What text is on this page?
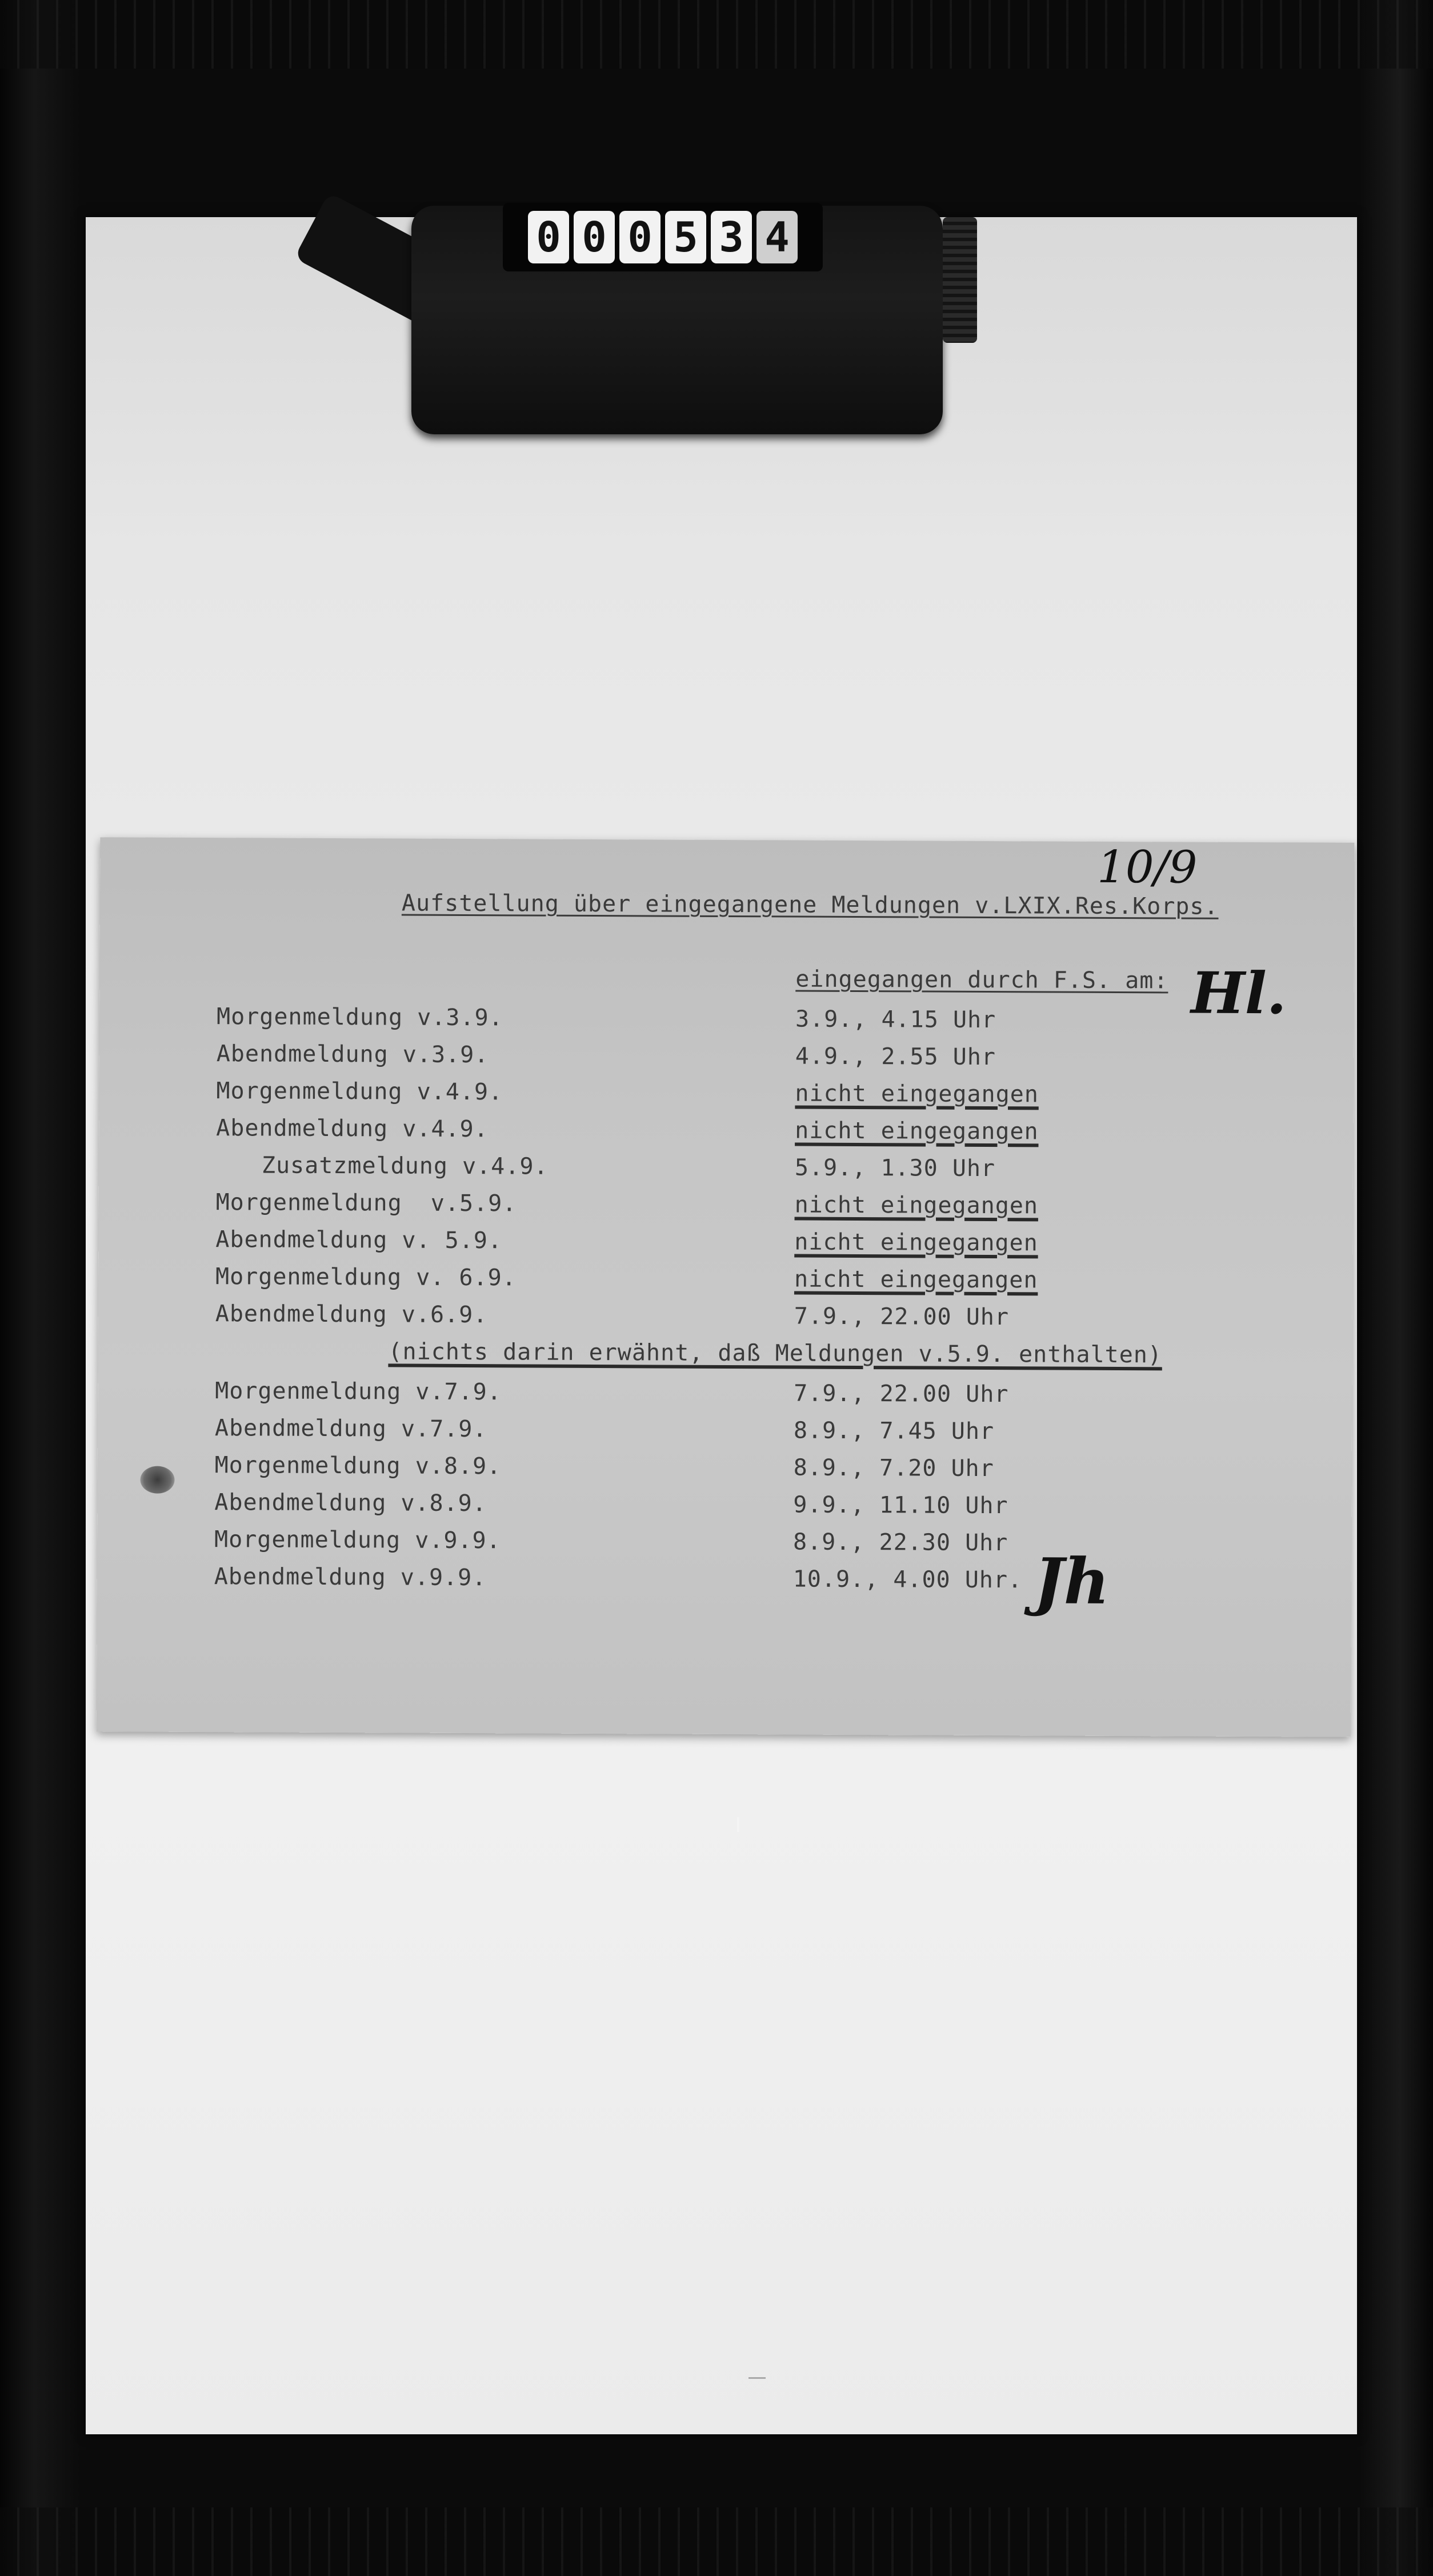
0 0 0 5 3 4
10/9
Aufstellung über eingegangene Meldungen v.LXIX.Res.Korps.
eingegangen durch F.S. am: Hl.
Morgenmeldung v.3.9.	3.9., 4.15 Uhr
Abendmeldung v.3.9.	4.9., 2.55 Uhr
Morgenmeldung v.4.9.	nicht eingegangen
Abendmeldung v.4.9.	nicht eingegangen
Zusatzmeldung v.4.9.	5.9., 1.30 Uhr
Morgenmeldung  v.5.9.	nicht eingegangen
Abendmeldung v. 5.9.	nicht eingegangen
Morgenmeldung v. 6.9.	nicht eingegangen
Abendmeldung v.6.9.	7.9., 22.00 Uhr
(nichts darin erwähnt, daß Meldungen v.5.9. enthalten)
Morgenmeldung v.7.9.	7.9., 22.00 Uhr
Abendmeldung v.7.9.	8.9., 7.45 Uhr
Morgenmeldung v.8.9.	8.9., 7.20 Uhr
Abendmeldung v.8.9.	9.9., 11.10 Uhr
Morgenmeldung v.9.9.	8.9., 22.30 Uhr
Abendmeldung v.9.9.	10.9., 4.00 Uhr. Jh
